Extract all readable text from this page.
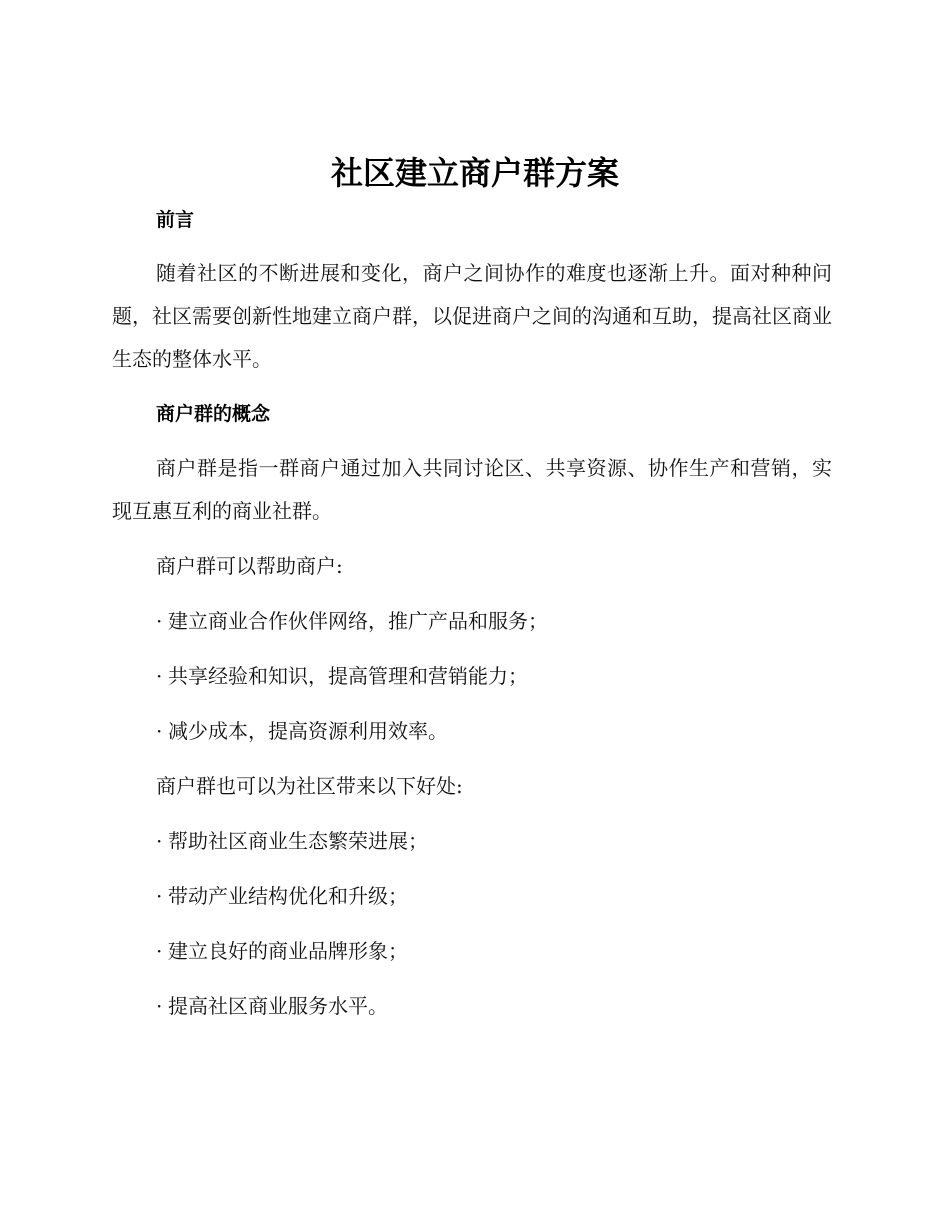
社区建立商户群方案
前言

随着社区的不断进展和变化，商户之间协作的难度也逐渐上升。面对种种问题，社区需要创新性地建立商户群，以促进商户之间的沟通和互助，提高社区商业生态的整体水平。

商户群的概念

商户群是指一群商户通过加入共同讨论区、共享资源、协作生产和营销，实现互惠互利的商业社群。

商户群可以帮助商户:

· 建立商业合作伙伴网络，推广产品和服务；

· 共享经验和知识，提高管理和营销能力；

· 减少成本，提高资源利用效率。

商户群也可以为社区带来以下好处:

· 帮助社区商业生态繁荣进展；

· 带动产业结构优化和升级；

· 建立良好的商业品牌形象；

· 提高社区商业服务水平。
